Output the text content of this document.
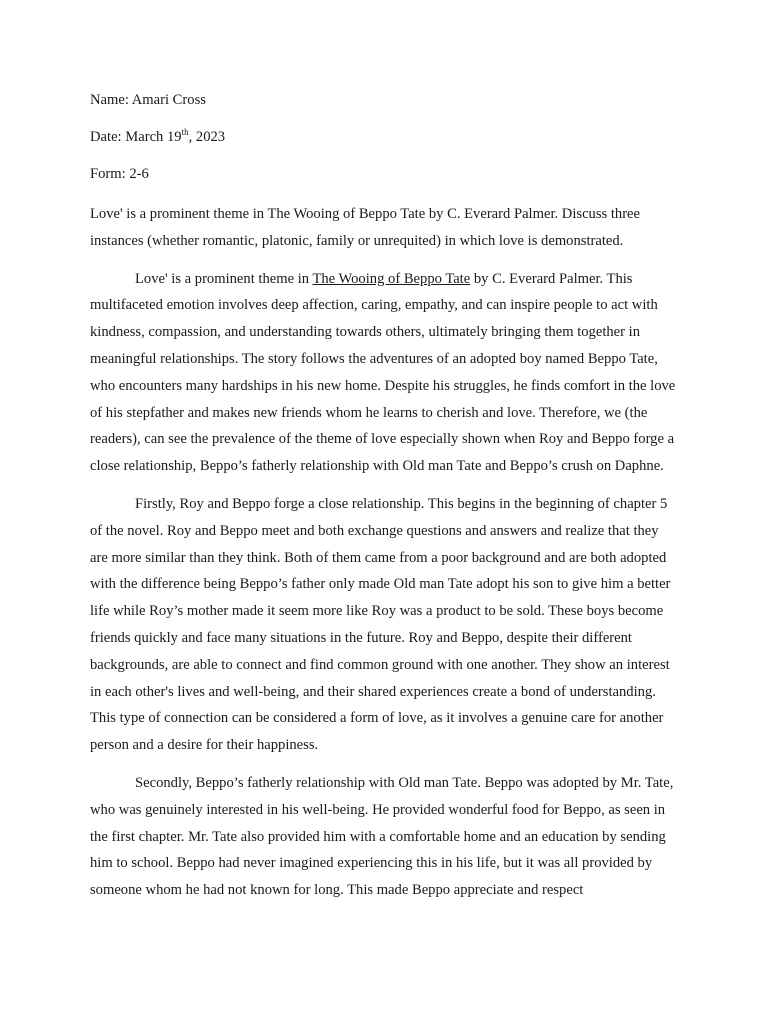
Name: Amari Cross

Date: March 19th, 2023

Form: 2-6

Love' is a prominent theme in The Wooing of Beppo Tate by C. Everard Palmer. Discuss three instances (whether romantic, platonic, family or unrequited) in which love is demonstrated.

Love' is a prominent theme in The Wooing of Beppo Tate by C. Everard Palmer. This multifaceted emotion involves deep affection, caring, empathy, and can inspire people to act with kindness, compassion, and understanding towards others, ultimately bringing them together in meaningful relationships. The story follows the adventures of an adopted boy named Beppo Tate, who encounters many hardships in his new home. Despite his struggles, he finds comfort in the love of his stepfather and makes new friends whom he learns to cherish and love. Therefore, we (the readers), can see the prevalence of the theme of love especially shown when Roy and Beppo forge a close relationship, Beppo’s fatherly relationship with Old man Tate and Beppo’s crush on Daphne.

Firstly, Roy and Beppo forge a close relationship. This begins in the beginning of chapter 5 of the novel. Roy and Beppo meet and both exchange questions and answers and realize that they are more similar than they think. Both of them came from a poor background and are both adopted with the difference being Beppo’s father only made Old man Tate adopt his son to give him a better life while Roy’s mother made it seem more like Roy was a product to be sold. These boys become friends quickly and face many situations in the future. Roy and Beppo, despite their different backgrounds, are able to connect and find common ground with one another. They show an interest in each other's lives and well-being, and their shared experiences create a bond of understanding. This type of connection can be considered a form of love, as it involves a genuine care for another person and a desire for their happiness.

Secondly, Beppo’s fatherly relationship with Old man Tate. Beppo was adopted by Mr. Tate, who was genuinely interested in his well-being. He provided wonderful food for Beppo, as seen in the first chapter. Mr. Tate also provided him with a comfortable home and an education by sending him to school. Beppo had never imagined experiencing this in his life, but it was all provided by someone whom he had not known for long. This made Beppo appreciate and respect
